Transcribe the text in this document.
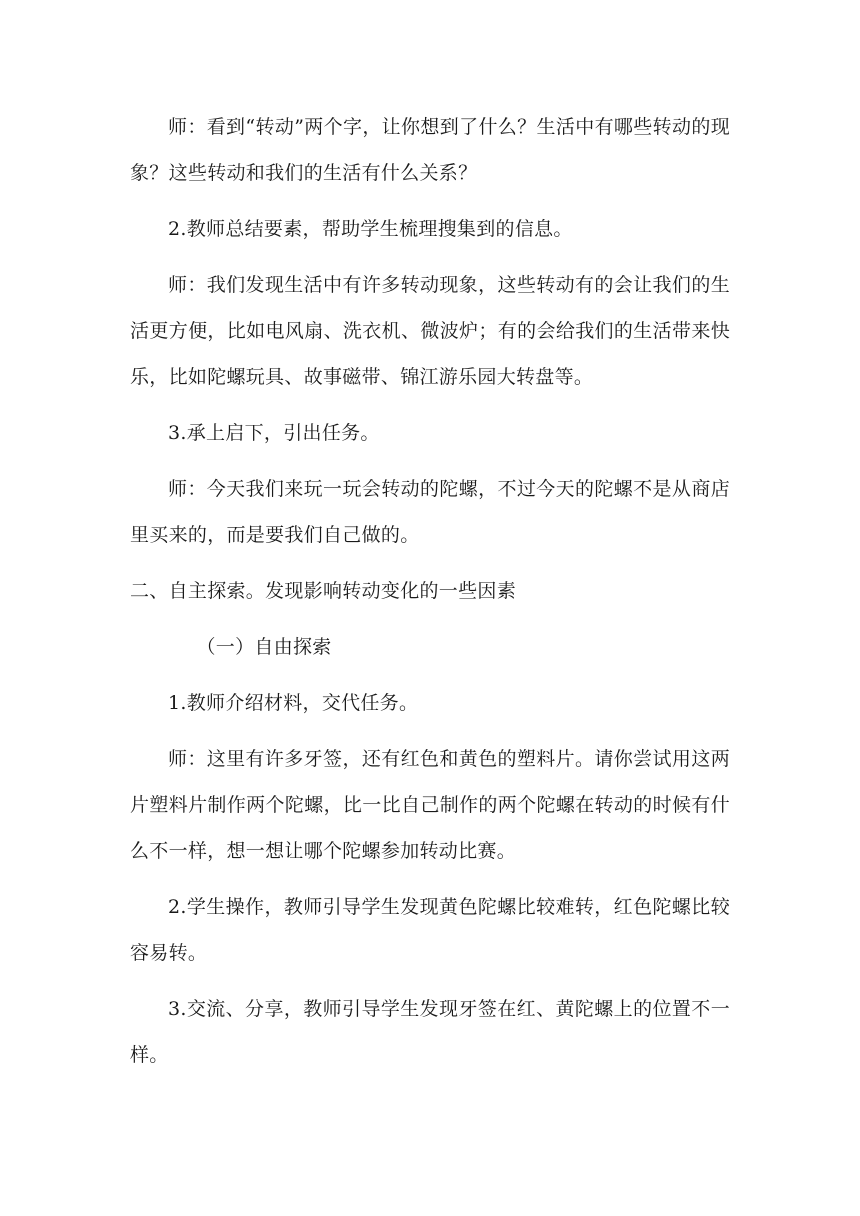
师：看到“转动”两个字，让你想到了什么？生活中有哪些转动的现象？这些转动和我们的生活有什么关系？

2.教师总结要素，帮助学生梳理搜集到的信息。

师：我们发现生活中有许多转动现象，这些转动有的会让我们的生活更方便，比如电风扇、洗衣机、微波炉；有的会给我们的生活带来快乐，比如陀螺玩具、故事磁带、锦江游乐园大转盘等。

3.承上启下，引出任务。

师：今天我们来玩一玩会转动的陀螺，不过今天的陀螺不是从商店里买来的，而是要我们自己做的。

二、自主探索。发现影响转动变化的一些因素

（一）自由探索

1.教师介绍材料，交代任务。

师：这里有许多牙签，还有红色和黄色的塑料片。请你尝试用这两片塑料片制作两个陀螺，比一比自己制作的两个陀螺在转动的时候有什么不一样，想一想让哪个陀螺参加转动比赛。

2.学生操作，教师引导学生发现黄色陀螺比较难转，红色陀螺比较容易转。

3.交流、分享，教师引导学生发现牙签在红、黄陀螺上的位置不一样。
